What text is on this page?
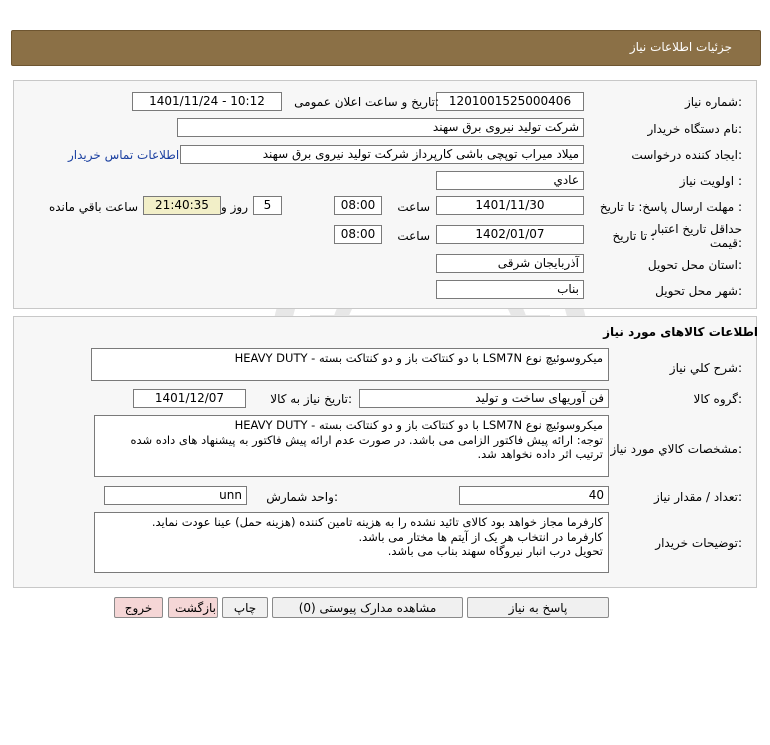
جزئیات اطلاعات نیاز
شماره نیاز:
1201001525000406
تاریخ و ساعت اعلان عمومی:
1401/11/24 - 10:12
نام دستگاه خریدار:
شرکت تولید نیروی برق سهند
ایجاد کننده درخواست:
میلاد میراب توپچی باشی کارپرداز شرکت تولید نیروی برق سهند
اطلاعات تماس خریدار
اولویت نیاز :
عادي
مهلت ارسال پاسخ: تا تاریخ :
1401/11/30
ساعت
08:00
5
روز و
21:40:35
ساعت باقي مانده
حداقل تاریخ اعتبار
قیمت:
تا تاریخ :
1402/01/07
ساعت
08:00
استان محل تحویل:
آذربایجان شرقی
شهر محل تحویل:
بناب
اطلاعات کالاهای مورد نیاز
شرح کلي نياز:
میکروسوئیچ نوع LSM7N با دو کنتاکت باز و دو کنتاکت بسته - HEAVY DUTY
گروه کالا:
فن آوریهای ساخت و تولید
تاریخ نیاز به کالا:
1401/12/07
مشخصات کالاي مورد نياز:
میکروسوئیچ نوع LSM7N با دو کنتاکت باز و دو کنتاکت بسته - HEAVY DUTY
توجه: ارائه پیش فاکتور الزامی می باشد. در صورت عدم ارائه پیش فاکتور به پیشنهاد های داده شده ترتیب اثر داده نخواهد شد.
تعداد / مقدار نیاز:
40
واحد شمارش:
unn
توضیحات خریدار:
کارفرما مجاز خواهد بود کالای تائید نشده را به هزینه تامین کننده (هزینه حمل) عینا عودت نماید.
کارفرما در انتخاب هر یک از آیتم ها مختار می باشد.
تحویل درب انبار نیروگاه سهند بناب می باشد.
پاسخ به نیاز
مشاهده مدارک پیوستی (0)
چاپ
بازگشت
خروج
